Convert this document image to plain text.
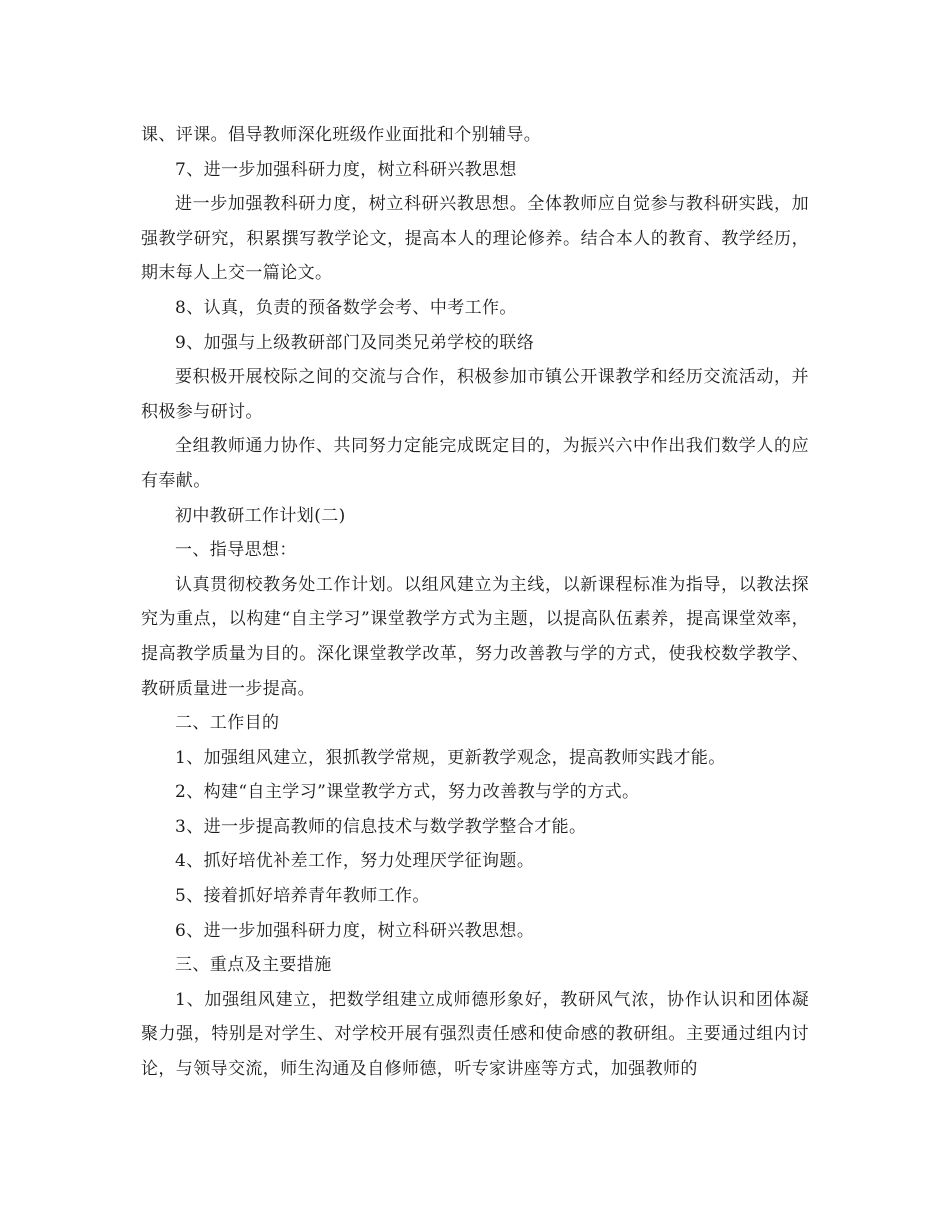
课、评课。倡导教师深化班级作业面批和个别辅导。

7、进一步加强科研力度，树立科研兴教思想

进一步加强教科研力度，树立科研兴教思想。全体教师应自觉参与教科研实践，加强教学研究，积累撰写教学论文，提高本人的理论修养。结合本人的教育、教学经历，期末每人上交一篇论文。

8、认真，负责的预备数学会考、中考工作。

9、加强与上级教研部门及同类兄弟学校的联络

要积极开展校际之间的交流与合作，积极参加市镇公开课教学和经历交流活动，并积极参与研讨。

全组教师通力协作、共同努力定能完成既定目的，为振兴六中作出我们数学人的应有奉献。

初中教研工作计划(二)

一、指导思想：

认真贯彻校教务处工作计划。以组风建立为主线，以新课程标准为指导，以教法探究为重点，以构建“自主学习”课堂教学方式为主题，以提高队伍素养，提高课堂效率，提高教学质量为目的。深化课堂教学改革，努力改善教与学的方式，使我校数学教学、教研质量进一步提高。

二、工作目的

1、加强组风建立，狠抓教学常规，更新教学观念，提高教师实践才能。

2、构建“自主学习”课堂教学方式，努力改善教与学的方式。

3、进一步提高教师的信息技术与数学教学整合才能。

4、抓好培优补差工作，努力处理厌学征询题。

5、接着抓好培养青年教师工作。

6、进一步加强科研力度，树立科研兴教思想。

三、重点及主要措施

1、加强组风建立，把数学组建立成师德形象好，教研风气浓，协作认识和团体凝聚力强，特别是对学生、对学校开展有强烈责任感和使命感的教研组。主要通过组内讨论，与领导交流，师生沟通及自修师德，听专家讲座等方式，加强教师的
